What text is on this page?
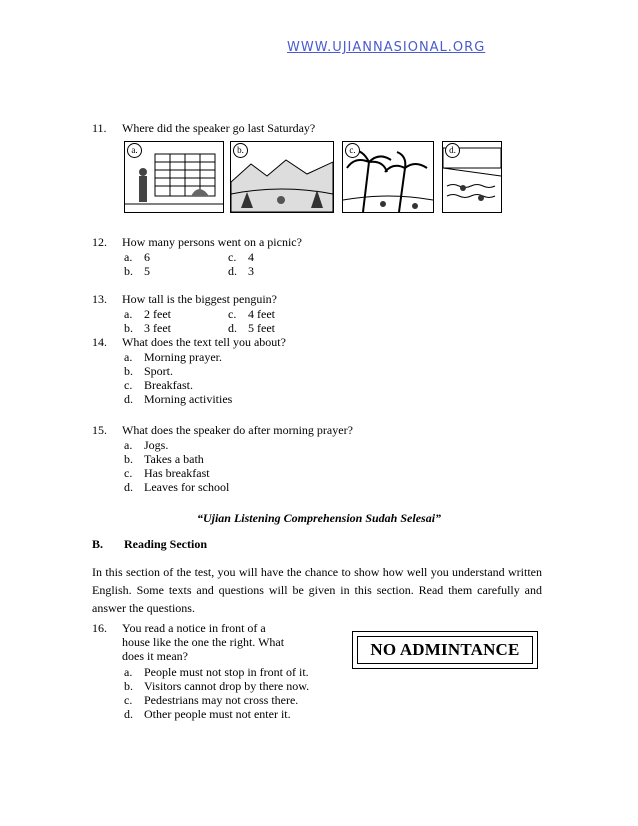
WWW.UJIANNASIONAL.ORG
11. Where did the speaker go last Saturday?
a.	b.	c.	d.
12. How many persons went on a picnic?
a. 6	c. 4
b. 5	d. 3
13. How tall is the biggest penguin?
a. 2 feet	c. 4 feet
b. 3 feet	d. 5 feet
14. What does the text tell you about?
a. Morning prayer.
b. Sport.
c. Breakfast.
d. Morning activities
15. What does the speaker do after morning prayer?
a. Jogs.
b. Takes a bath
c. Has breakfast
d. Leaves for school
“Ujian Listening Comprehension Sudah Selesai”
B. Reading Section
In this section of the test, you will have the chance to show how well you understand written English. Some texts and questions will be given in this section. Read them carefully and answer the questions.
16. You read a notice in front of a
house like the one the right. What
does it mean?
a. People must not stop in front of it.
b. Visitors cannot drop by there now.
c. Pedestrians may not cross there.
d. Other people must not enter it.
NO ADMINTANCE
